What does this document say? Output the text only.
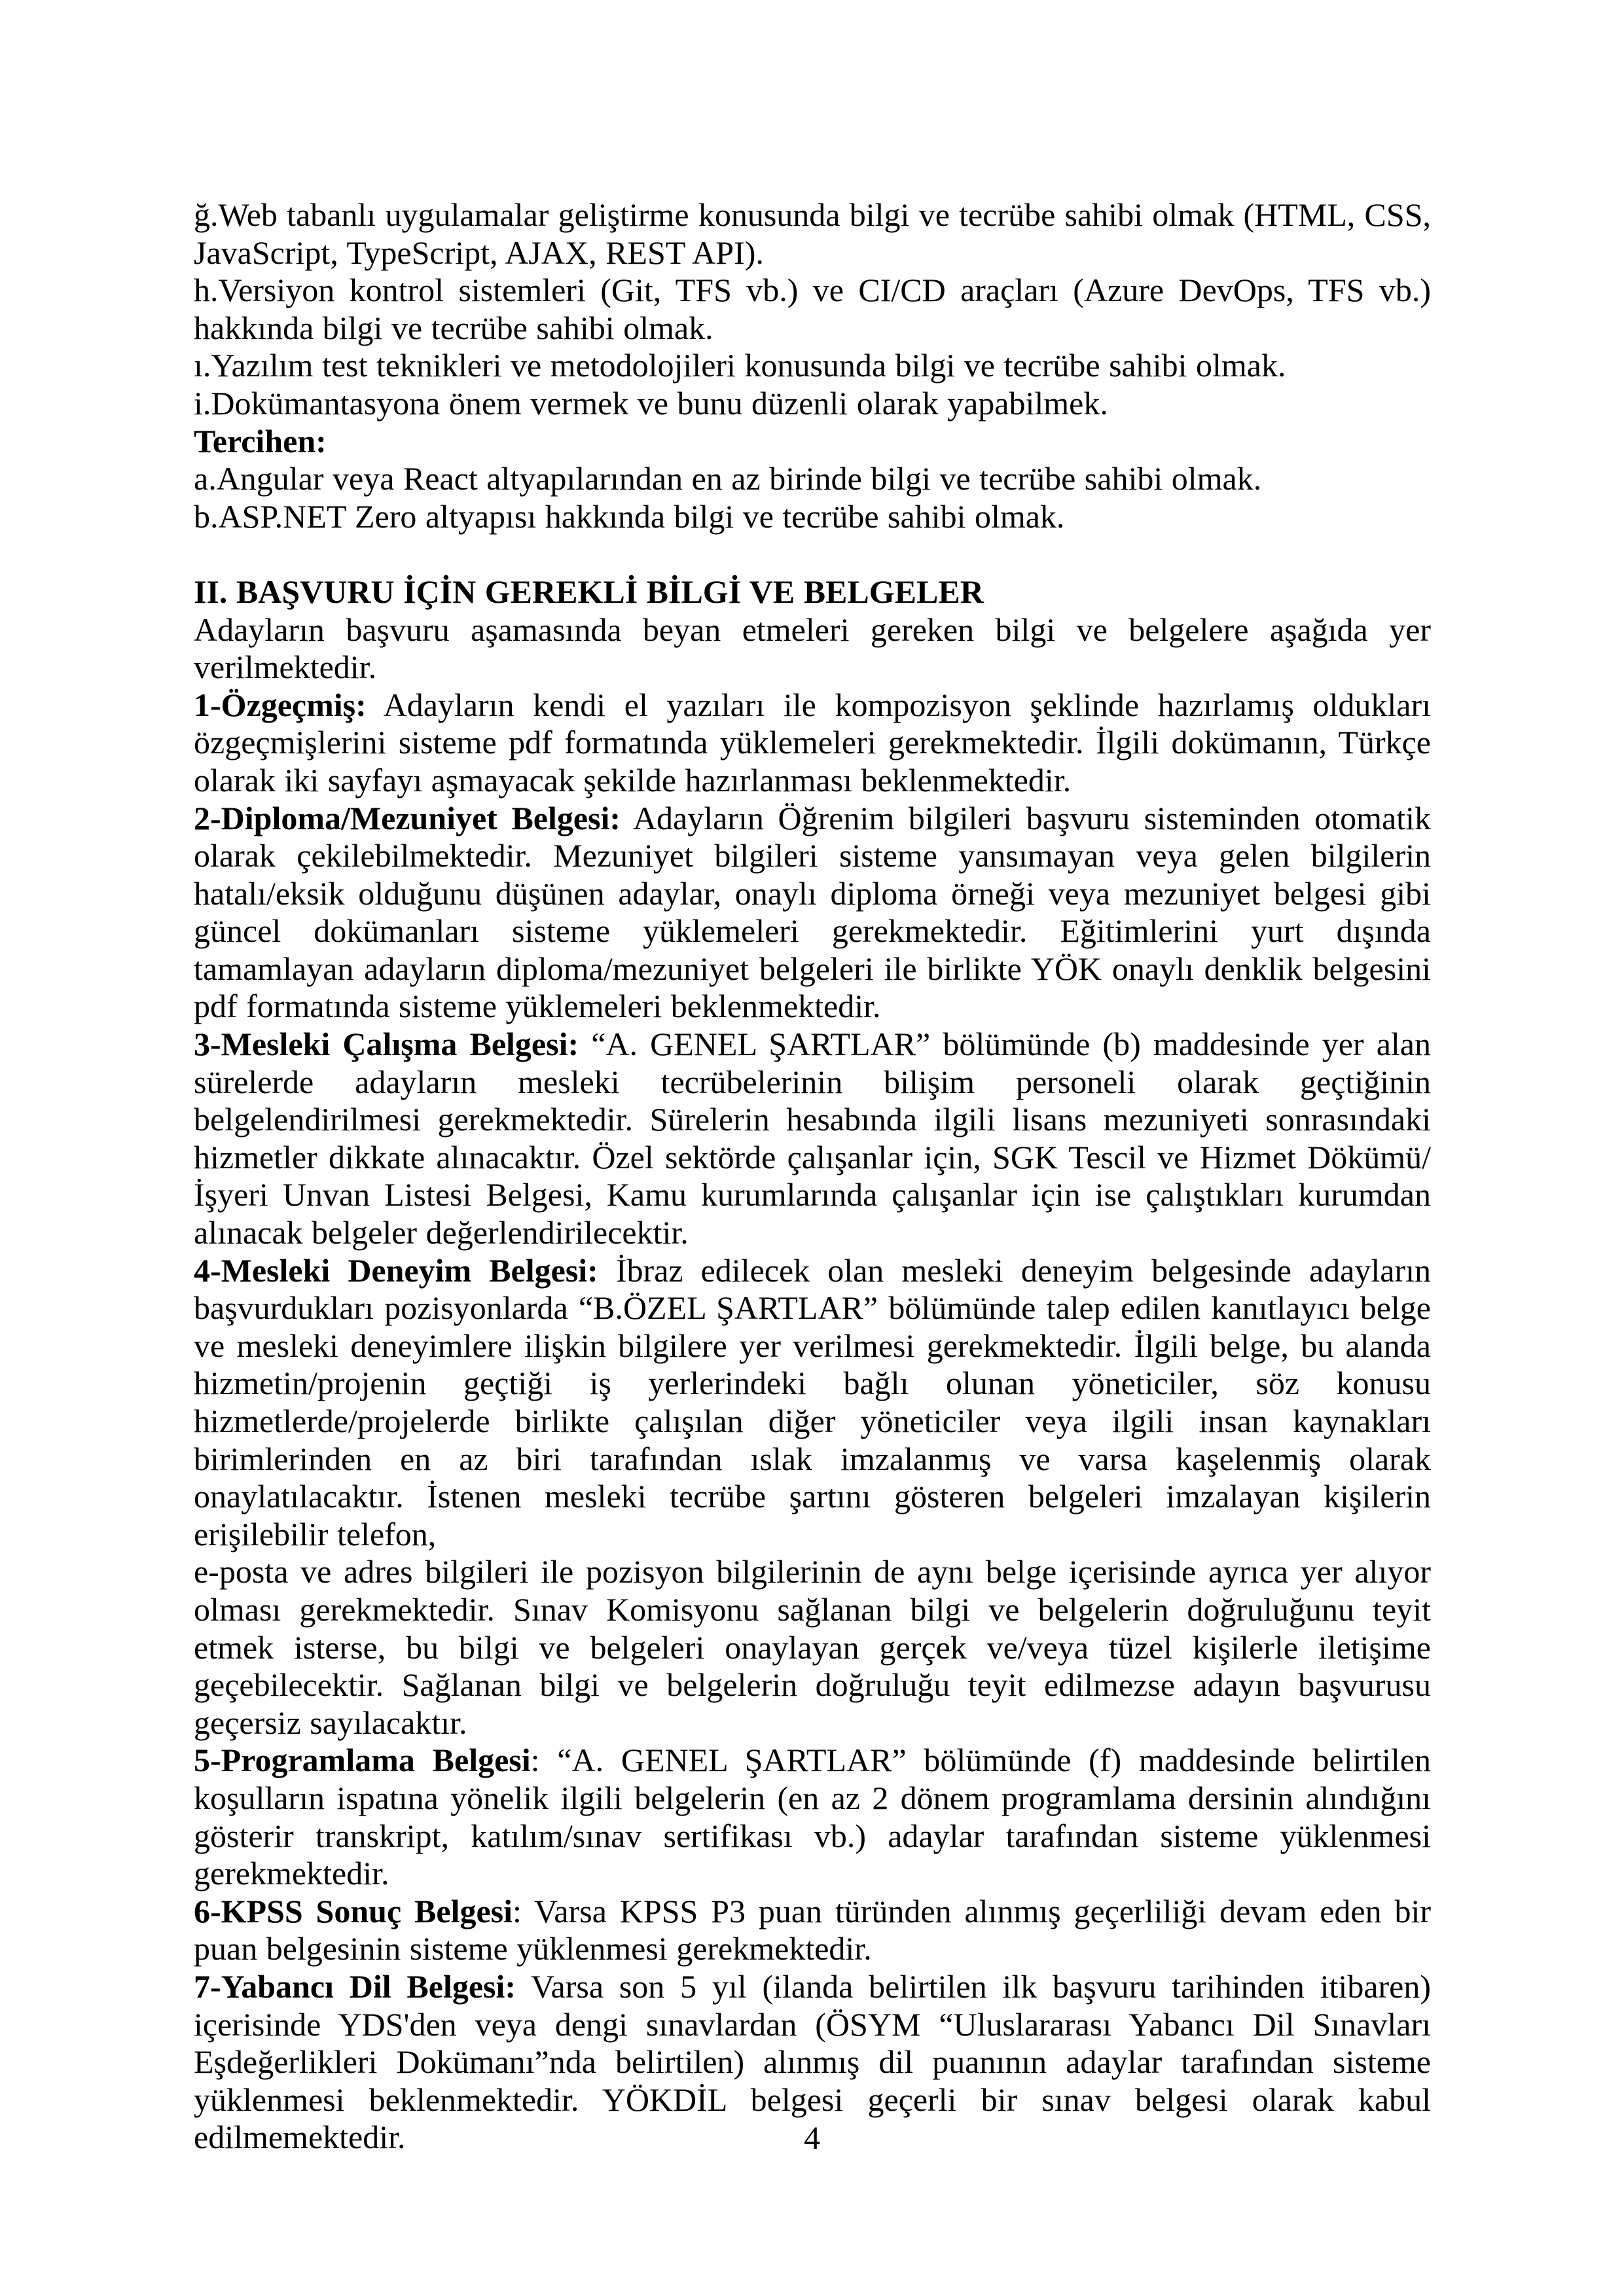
ğ.Web tabanlı uygulamalar geliştirme konusunda bilgi ve tecrübe sahibi olmak (HTML, CSS, JavaScript, TypeScript, AJAX, REST API).

h.Versiyon kontrol sistemleri (Git, TFS vb.) ve CI/CD araçları (Azure DevOps, TFS vb.) hakkında bilgi ve tecrübe sahibi olmak.

ı.Yazılım test teknikleri ve metodolojileri konusunda bilgi ve tecrübe sahibi olmak.

i.Dokümantasyona önem vermek ve bunu düzenli olarak yapabilmek.

Tercihen:

a.Angular veya React altyapılarından en az birinde bilgi ve tecrübe sahibi olmak.

b.ASP.NET Zero altyapısı hakkında bilgi ve tecrübe sahibi olmak.

II. BAŞVURU İÇİN GEREKLİ BİLGİ VE BELGELER

Adayların başvuru aşamasında beyan etmeleri gereken bilgi ve belgelere aşağıda yer verilmektedir.

1-Özgeçmiş: Adayların kendi el yazıları ile kompozisyon şeklinde hazırlamış oldukları özgeçmişlerini sisteme pdf formatında yüklemeleri gerekmektedir. İlgili dokümanın, Türkçe olarak iki sayfayı aşmayacak şekilde hazırlanması beklenmektedir.

2-Diploma/Mezuniyet Belgesi: Adayların Öğrenim bilgileri başvuru sisteminden otomatik olarak çekilebilmektedir. Mezuniyet bilgileri sisteme yansımayan veya gelen bilgilerin hatalı/eksik olduğunu düşünen adaylar, onaylı diploma örneği veya mezuniyet belgesi gibi güncel dokümanları sisteme yüklemeleri gerekmektedir. Eğitimlerini yurt dışında tamamlayan adayların diploma/mezuniyet belgeleri ile birlikte YÖK onaylı denklik belgesini pdf formatında sisteme yüklemeleri beklenmektedir.

3-Mesleki Çalışma Belgesi: “A. GENEL ŞARTLAR” bölümünde (b) maddesinde yer alan sürelerde adayların mesleki tecrübelerinin bilişim personeli olarak geçtiğinin belgelendirilmesi gerekmektedir. Sürelerin hesabında ilgili lisans mezuniyeti sonrasındaki hizmetler dikkate alınacaktır. Özel sektörde çalışanlar için, SGK Tescil ve Hizmet Dökümü/İşyeri Unvan Listesi Belgesi, Kamu kurumlarında çalışanlar için ise çalıştıkları kurumdan alınacak belgeler değerlendirilecektir.

4-Mesleki Deneyim Belgesi: İbraz edilecek olan mesleki deneyim belgesinde adayların başvurdukları pozisyonlarda “B.ÖZEL ŞARTLAR” bölümünde talep edilen kanıtlayıcı belge ve mesleki deneyimlere ilişkin bilgilere yer verilmesi gerekmektedir. İlgili belge, bu alanda hizmetin/projenin geçtiği iş yerlerindeki bağlı olunan yöneticiler, söz konusu hizmetlerde/projelerde birlikte çalışılan diğer yöneticiler veya ilgili insan kaynakları birimlerinden en az biri tarafından ıslak imzalanmış ve varsa kaşelenmiş olarak onaylatılacaktır. İstenen mesleki tecrübe şartını gösteren belgeleri imzalayan kişilerin erişilebilir telefon,

e-posta ve adres bilgileri ile pozisyon bilgilerinin de aynı belge içerisinde ayrıca yer alıyor olması gerekmektedir. Sınav Komisyonu sağlanan bilgi ve belgelerin doğruluğunu teyit etmek isterse, bu bilgi ve belgeleri onaylayan gerçek ve/veya tüzel kişilerle iletişime geçebilecektir. Sağlanan bilgi ve belgelerin doğruluğu teyit edilmezse adayın başvurusu geçersiz sayılacaktır.

5-Programlama Belgesi: “A. GENEL ŞARTLAR” bölümünde (f) maddesinde belirtilen koşulların ispatına yönelik ilgili belgelerin (en az 2 dönem programlama dersinin alındığını gösterir transkript, katılım/sınav sertifikası vb.) adaylar tarafından sisteme yüklenmesi gerekmektedir.

6-KPSS Sonuç Belgesi: Varsa KPSS P3 puan türünden alınmış geçerliliği devam eden bir puan belgesinin sisteme yüklenmesi gerekmektedir.

7-Yabancı Dil Belgesi: Varsa son 5 yıl (ilanda belirtilen ilk başvuru tarihinden itibaren) içerisinde YDS'den veya dengi sınavlardan (ÖSYM “Uluslararası Yabancı Dil Sınavları Eşdeğerlikleri Dokümanı”nda belirtilen) alınmış dil puanının adaylar tarafından sisteme yüklenmesi beklenmektedir. YÖKDİL belgesi geçerli bir sınav belgesi olarak kabul edilmemektedir.	4
